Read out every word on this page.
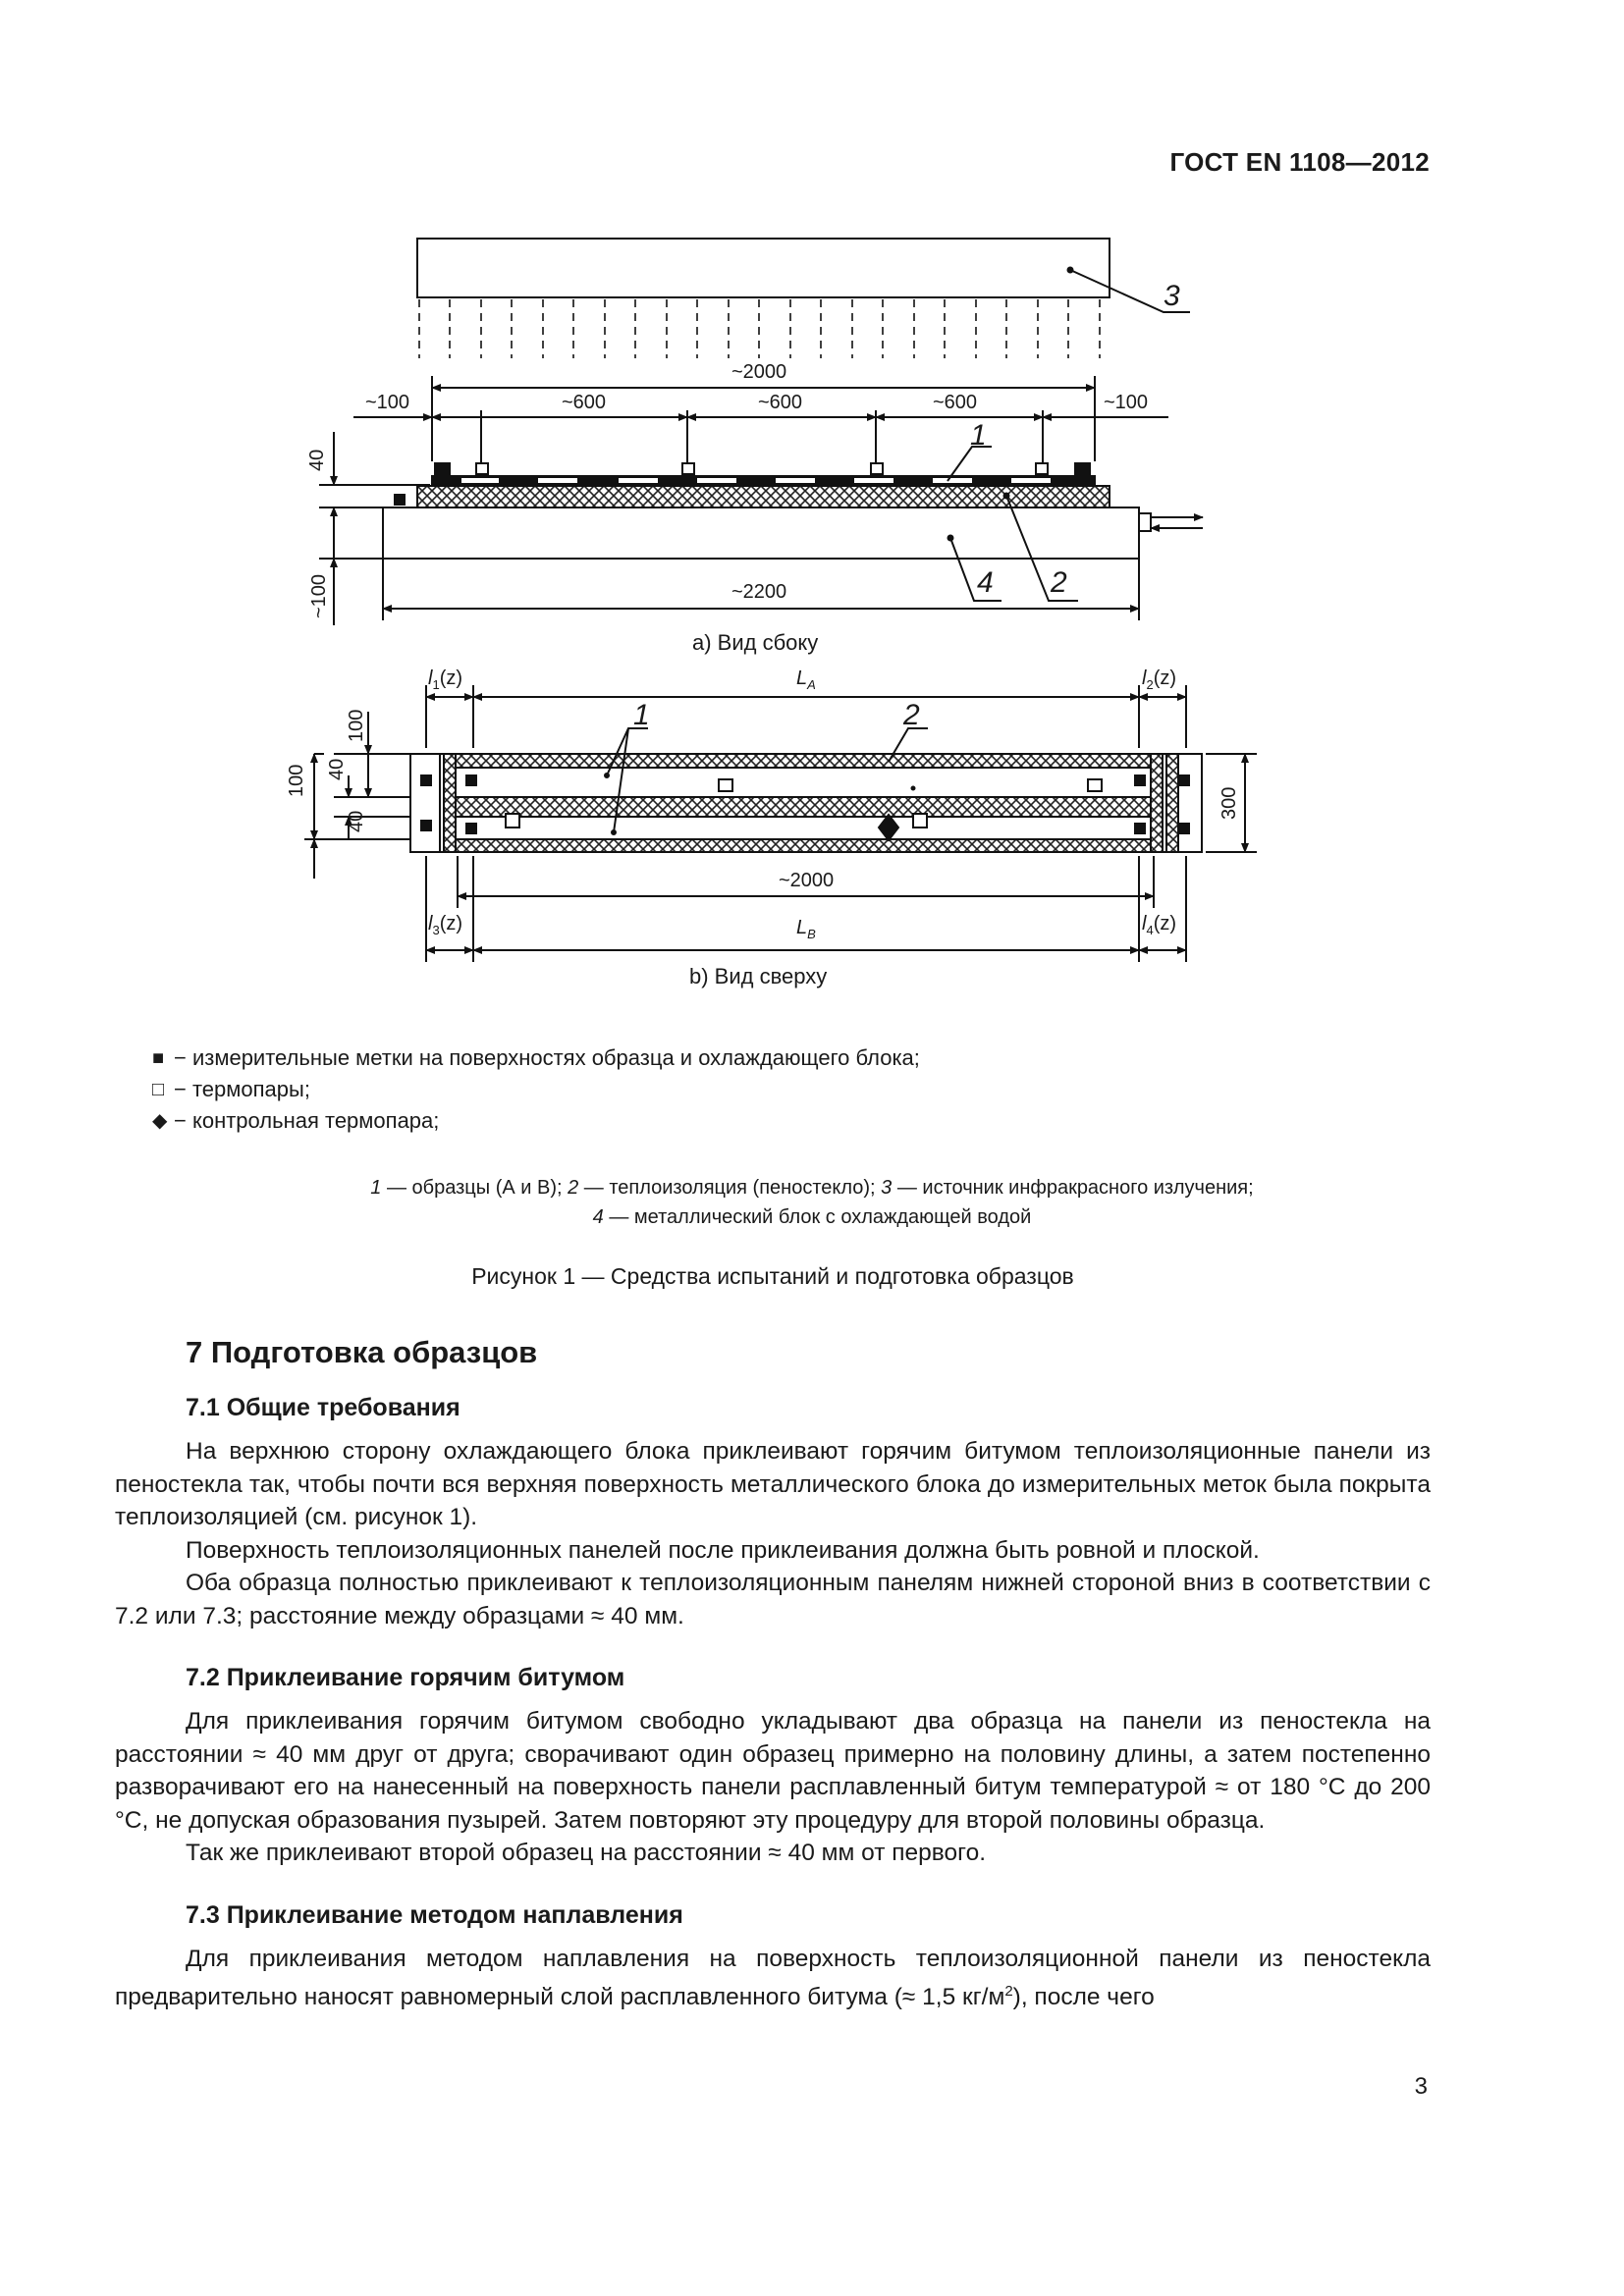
ГОСТ EN 1108—2012
~2000
~100	~600	~600	~600	~100
40
~100	~2200
3
1
4 2
a) Вид сбоку
$l_1(z)$	$L_A$	$l_2(z)$
1	2
100
40
100
40
300
~2000
$l_3(z)$	$L_B$	$l_4(z)$
b) Вид сверху
■ − измерительные метки на поверхностях образца и охлаждающего блока;
□ − термопары;
◆ − контрольная термопара;
1 — образцы (А и В); 2 — теплоизоляция (пеностекло); 3 — источник инфракрасного излучения;
4 — металлический блок с охлаждающей водой
Рисунок 1 — Средства испытаний и подготовка образцов
7 Подготовка образцов
7.1 Общие требования

На верхнюю сторону охлаждающего блока приклеивают горячим битумом теплоизоляционные панели из пеностекла так, чтобы почти вся верхняя поверхность металлического блока до измерительных меток была покрыта теплоизоляцией (см. рисунок 1).

Поверхность теплоизоляционных панелей после приклеивания должна быть ровной и плоской.

Оба образца полностью приклеивают к теплоизоляционным панелям нижней стороной вниз в соответствии с 7.2 или 7.3; расстояние между образцами ≈ 40 мм.

7.2 Приклеивание горячим битумом

Для приклеивания горячим битумом свободно укладывают два образца на панели из пеностекла на расстоянии ≈ 40 мм друг от друга; сворачивают один образец примерно на половину длины, а затем постепенно разворачивают его на нанесенный на поверхность панели расплавленный битум температурой ≈ от 180 °С до 200 °С, не допуская образования пузырей. Затем повторяют эту процедуру для второй половины образца.

Так же приклеивают второй образец на расстоянии ≈ 40 мм от первого.

7.3 Приклеивание методом наплавления

Для приклеивания методом наплавления на поверхность теплоизоляционной панели из пеностекла предварительно наносят равномерный слой расплавленного битума (≈ 1,5 $кг/м^2$), после чего

3
